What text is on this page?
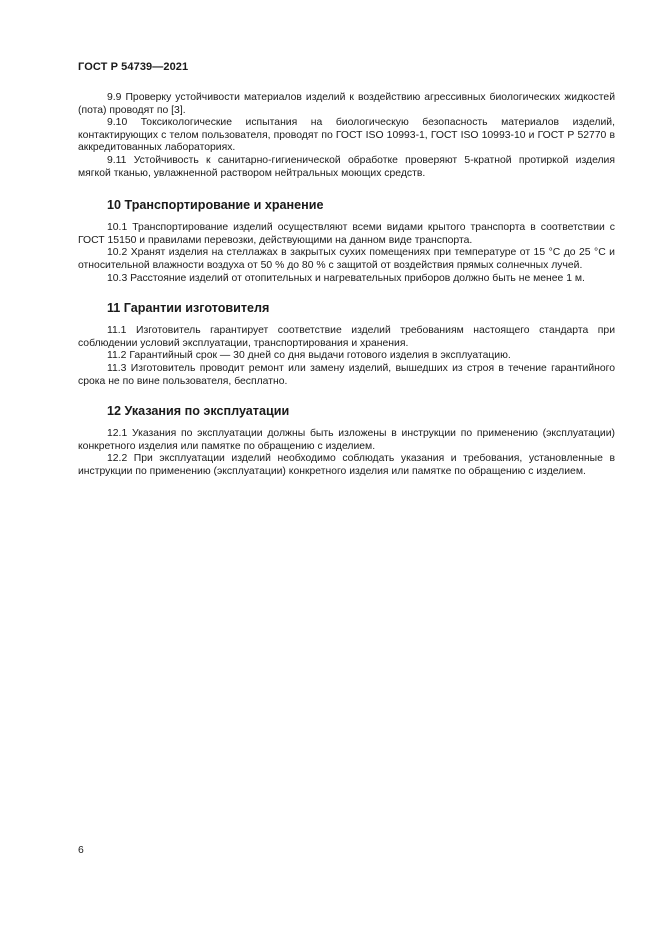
ГОСТ Р 54739—2021

9.9 Проверку устойчивости материалов изделий к воздействию агрессивных биологических жидкостей (пота) проводят по [3].

9.10 Токсикологические испытания на биологическую безопасность материалов изделий, контактирующих с телом пользователя, проводят по ГОСТ ISO 10993-1, ГОСТ ISO 10993-10 и ГОСТ Р 52770 в аккредитованных лабораториях.

9.11 Устойчивость к санитарно-гигиенической обработке проверяют 5-кратной протиркой изделия мягкой тканью, увлажненной раствором нейтральных моющих средств.

10 Транспортирование и хранение

10.1 Транспортирование изделий осуществляют всеми видами крытого транспорта в соответствии с ГОСТ 15150 и правилами перевозки, действующими на данном виде транспорта.

10.2 Хранят изделия на стеллажах в закрытых сухих помещениях при температуре от 15 °С до 25 °С и относительной влажности воздуха от 50 % до 80 % с защитой от воздействия прямых солнечных лучей.

10.3 Расстояние изделий от отопительных и нагревательных приборов должно быть не менее 1 м.

11 Гарантии изготовителя

11.1 Изготовитель гарантирует соответствие изделий требованиям настоящего стандарта при соблюдении условий эксплуатации, транспортирования и хранения.

11.2 Гарантийный срок — 30 дней со дня выдачи готового изделия в эксплуатацию.

11.3 Изготовитель проводит ремонт или замену изделий, вышедших из строя в течение гарантийного срока не по вине пользователя, бесплатно.

12 Указания по эксплуатации

12.1 Указания по эксплуатации должны быть изложены в инструкции по применению (эксплуатации) конкретного изделия или памятке по обращению с изделием.

12.2 При эксплуатации изделий необходимо соблюдать указания и требования, установленные в инструкции по применению (эксплуатации) конкретного изделия или памятке по обращению с изделием.

6
